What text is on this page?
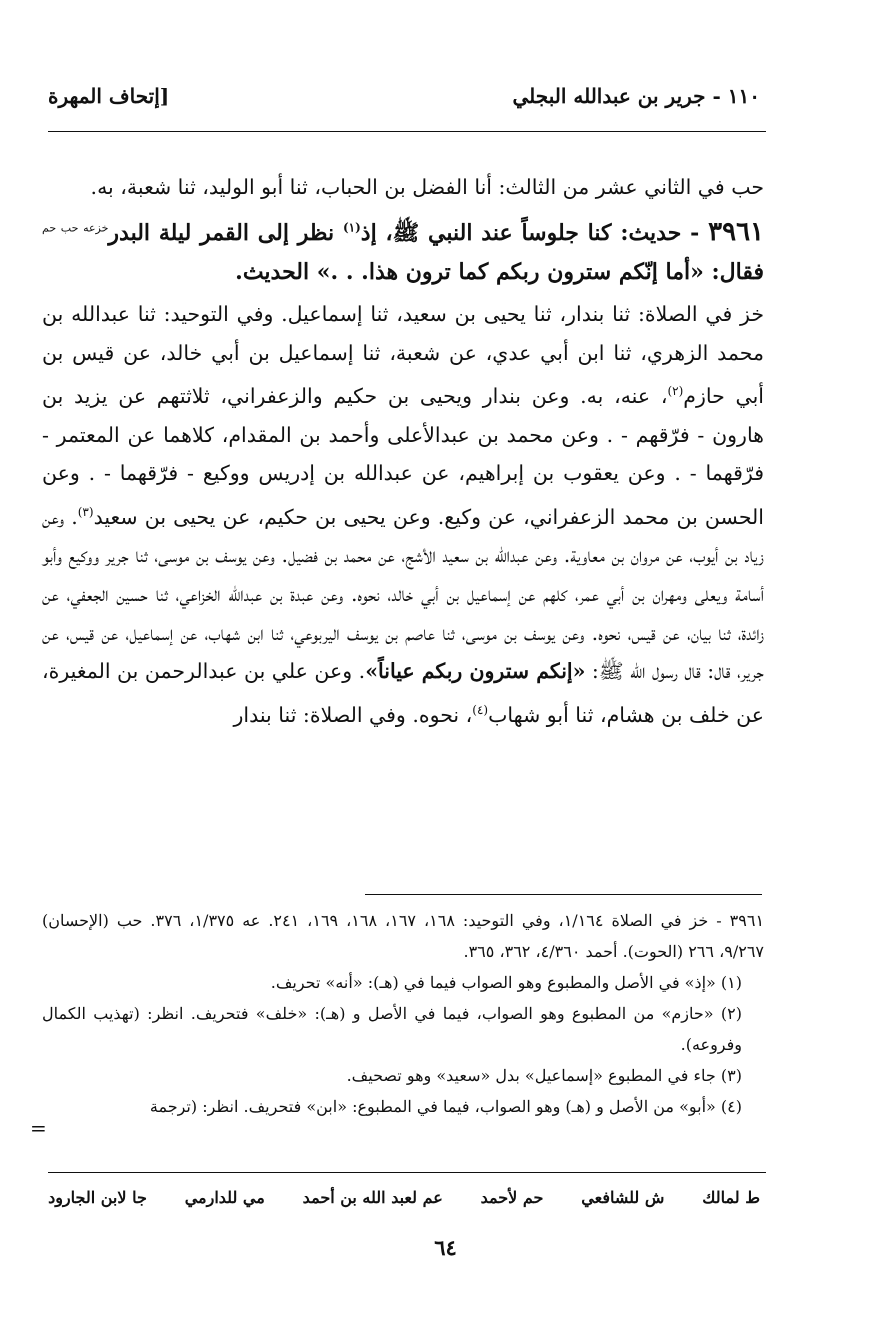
١١٠ - جرير بن عبدالله البجلي
[إتحاف المهرة

حب في الثاني عشر من الثالث: أنا الفضل بن الحباب، ثنا أبو الوليد، ثنا شعبة، به.

٣٩٦١ - حديث: كنا جلوساً عند النبي ﷺ، إذ$^{(١)}$ نظر إلى القمر ليلة البدر$^{خزعه حب حم}$ فقال: «أما إنّكم سترون ربكم كما ترون هذا. . .» الحديث.

خز في الصلاة: ثنا بندار، ثنا يحيى بن سعيد، ثنا إسماعيل. وفي التوحيد: ثنا عبدالله بن محمد الزهري، ثنا ابن أبي عدي، عن شعبة، ثنا إسماعيل بن أبي خالد، عن قيس بن أبي حازم$^{(٢)}$، عنه، به. وعن بندار ويحيى بن حكيم والزعفراني، ثلاثتهم عن يزيد بن هارون - فرّقهم - . وعن محمد بن عبدالأعلى وأحمد بن المقدام، كلاهما عن المعتمر - فرّقهما - . وعن يعقوب بن إبراهيم، عن عبدالله بن إدريس ووكيع - فرّقهما - . وعن الحسن بن محمد الزعفراني، عن وكيع. وعن يحيى بن حكيم، عن يحيى بن سعيد$^{(٣)}$. وعن زياد بن أيوب، عن مروان بن معاوية. وعن عبدالله بن سعيد الأشج، عن محمد بن فضيل. وعن يوسف بن موسى، ثنا جرير ووكيع وأبو أسامة ويعلى ومهران بن أبي عمر، كلهم عن إسماعيل بن أبي خالد، نحوه. وعن عبدة بن عبدالله الخزاعي، ثنا حسين الجعفي، عن زائدة، ثنا بيان، عن قيس، نحوه. وعن يوسف بن موسى، ثنا عاصم بن يوسف اليربوعي، ثنا ابن شهاب، عن إسماعيل، عن قيس، عن جرير، قال: قال رسول الله ﷺ: «إنكم سترون ربكم عياناً». وعن علي بن عبدالرحمن بن المغيرة، عن خلف بن هشام، ثنا أبو شهاب$^{(٤)}$، نحوه. وفي الصلاة: ثنا بندار

٣٩٦١ - خز في الصلاة ١/١٦٤، وفي التوحيد: ١٦٨، ١٦٧، ١٦٨، ١٦٩، ٢٤١. عه ١/٣٧٥، ٣٧٦. حب (الإحسان) ٩/٢٦٧، ٢٦٦ (الحوت). أحمد ٤/٣٦٠، ٣٦٢، ٣٦٥.

(١) «إذ» في الأصل والمطبوع وهو الصواب فيما في (هـ): «أنه» تحريف.

(٢) «حازم» من المطبوع وهو الصواب، فيما في الأصل و (هـ): «خلف» فتحريف. انظر: (تهذيب الكمال وفروعه).

(٣) جاء في المطبوع «إسماعيل» بدل «سعيد» وهو تصحيف.

(٤) «أبو» من الأصل و (هـ) وهو الصواب، فيما في المطبوع: «ابن» فتحريف. انظر: (ترجمة

=
ط لمالك
ش للشافعي
حم لأحمد
عم لعبد الله بن أحمد
مي للدارمي
جا لابن الجارود
٦٤
